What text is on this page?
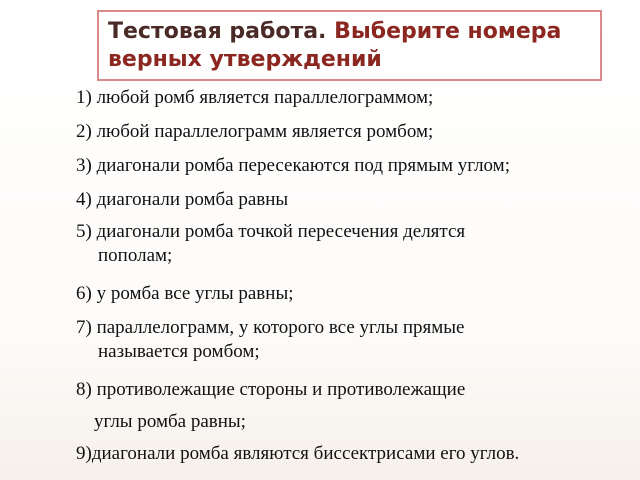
Тестовая работа. Выберите номера верных утверждений
1) любой ромб является параллелограммом;
2) любой параллелограмм является ромбом;
3) диагонали ромба пересекаются под прямым углом;
4) диагонали ромба равны
5) диагонали ромба точкой пересечения делятся
пополам;
6) у ромба все углы равны;
7) параллелограмм, у которого все углы прямые
называется ромбом;
8) противолежащие стороны и противолежащие
углы ромба равны;
9)диагонали ромба являются биссектрисами его углов.
